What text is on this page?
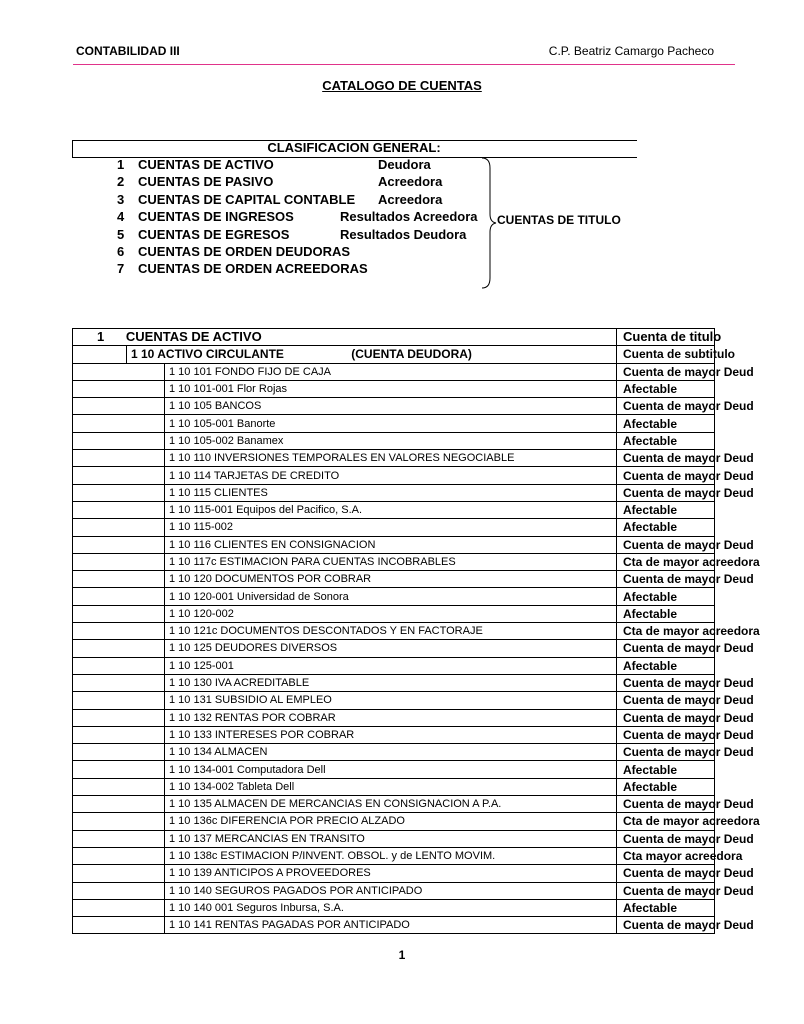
CONTABILIDAD III	C.P. Beatriz Camargo Pacheco
CATALOGO DE CUENTAS
CLASIFICACION GENERAL:
1 CUENTAS DE ACTIVO	Deudora
2 CUENTAS DE PASIVO	Acreedora
3 CUENTAS DE CAPITAL CONTABLE Acreedora
4 CUENTAS DE INGRESOS	Resultados Acreedora
5 CUENTAS DE EGRESOS	Resultados Deudora
6 CUENTAS DE ORDEN DEUDORAS
7 CUENTAS DE ORDEN ACREEDORAS
CUENTAS DE TITULO
1 CUENTAS DE ACTIVO			Cuenta de titulo
	1 10 ACTIVO CIRCULANTE (CUENTA DEUDORA)		Cuenta de subtitulo
		1 10 101 FONDO FIJO DE CAJA	Cuenta de mayor Deud
		1 10 101-001 Flor Rojas	Afectable
		1 10 105 BANCOS	Cuenta de mayor Deud
		1 10 105-001 Banorte	Afectable
		1 10 105-002 Banamex	Afectable
		1 10 110 INVERSIONES TEMPORALES EN VALORES NEGOCIABLE	Cuenta de mayor Deud
		1 10 114 TARJETAS DE CREDITO	Cuenta de mayor Deud
		1 10 115 CLIENTES	Cuenta de mayor Deud
		1 10 115-001 Equipos del Pacifico, S.A.	Afectable
		1 10 115-002	Afectable
		1 10 116 CLIENTES EN CONSIGNACION	Cuenta de mayor Deud
		1 10 117c ESTIMACION PARA CUENTAS INCOBRABLES	Cta de mayor acreedora
		1 10 120 DOCUMENTOS POR COBRAR	Cuenta de mayor Deud
		1 10 120-001 Universidad de Sonora	Afectable
		1 10 120-002	Afectable
		1 10 121c DOCUMENTOS DESCONTADOS Y EN FACTORAJE	Cta de mayor acreedora
		1 10 125 DEUDORES DIVERSOS	Cuenta de mayor Deud
		1 10 125-001	Afectable
		1 10 130 IVA ACREDITABLE	Cuenta de mayor Deud
		1 10 131 SUBSIDIO AL EMPLEO	Cuenta de mayor Deud
		1 10 132 RENTAS POR COBRAR	Cuenta de mayor Deud
		1 10 133 INTERESES POR COBRAR	Cuenta de mayor Deud
		1 10 134 ALMACEN	Cuenta de mayor Deud
		1 10 134-001 Computadora Dell	Afectable
		1 10 134-002 Tableta Dell	Afectable
		1 10 135 ALMACEN DE MERCANCIAS EN CONSIGNACION A P.A.	Cuenta de mayor Deud
		1 10 136c DIFERENCIA POR PRECIO ALZADO	Cta de mayor acreedora
		1 10 137 MERCANCIAS EN TRANSITO	Cuenta de mayor Deud
		1 10 138c ESTIMACION P/INVENT. OBSOL. y de LENTO MOVIM.	Cta mayor acreedora
		1 10 139 ANTICIPOS A PROVEEDORES	Cuenta de mayor Deud
		1 10 140 SEGUROS PAGADOS POR ANTICIPADO	Cuenta de mayor Deud
		1 10 140 001 Seguros Inbursa, S.A.	Afectable
		1 10 141 RENTAS PAGADAS POR ANTICIPADO	Cuenta de mayor Deud
1
